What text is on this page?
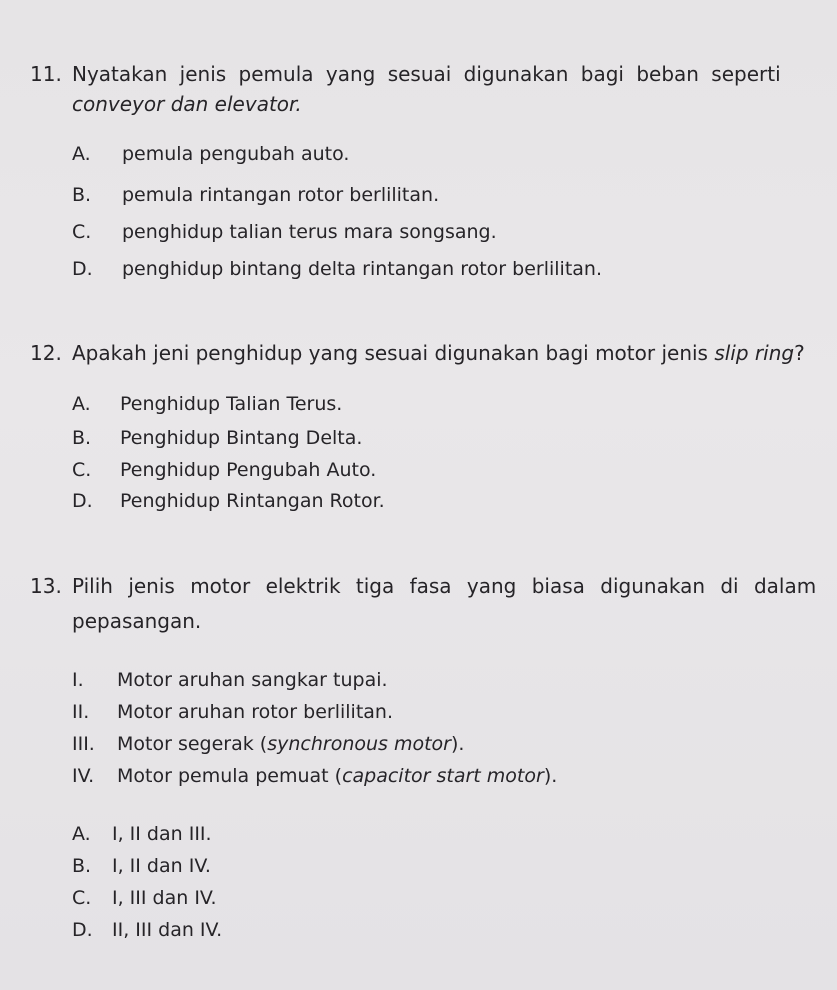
11. Nyatakan jenis pemula yang sesuai digunakan bagi beban seperti
conveyor dan elevator.
A. pemula pengubah auto.
B. pemula rintangan rotor berlilitan.
C. penghidup talian terus mara songsang.
D. penghidup bintang delta rintangan rotor berlilitan.
12. Apakah jeni penghidup yang sesuai digunakan bagi motor jenis slip ring?
A. Penghidup Talian Terus.
B. Penghidup Bintang Delta.
C. Penghidup Pengubah Auto.
D. Penghidup Rintangan Rotor.
13. Pilih jenis motor elektrik tiga fasa yang biasa digunakan di dalam
pepasangan.
I. Motor aruhan sangkar tupai.
II. Motor aruhan rotor berlilitan.
III. Motor segerak (synchronous motor).
IV. Motor pemula pemuat (capacitor start motor).
A. I, II dan III.
B. I, II dan IV.
C. I, III dan IV.
D. II, III dan IV.
